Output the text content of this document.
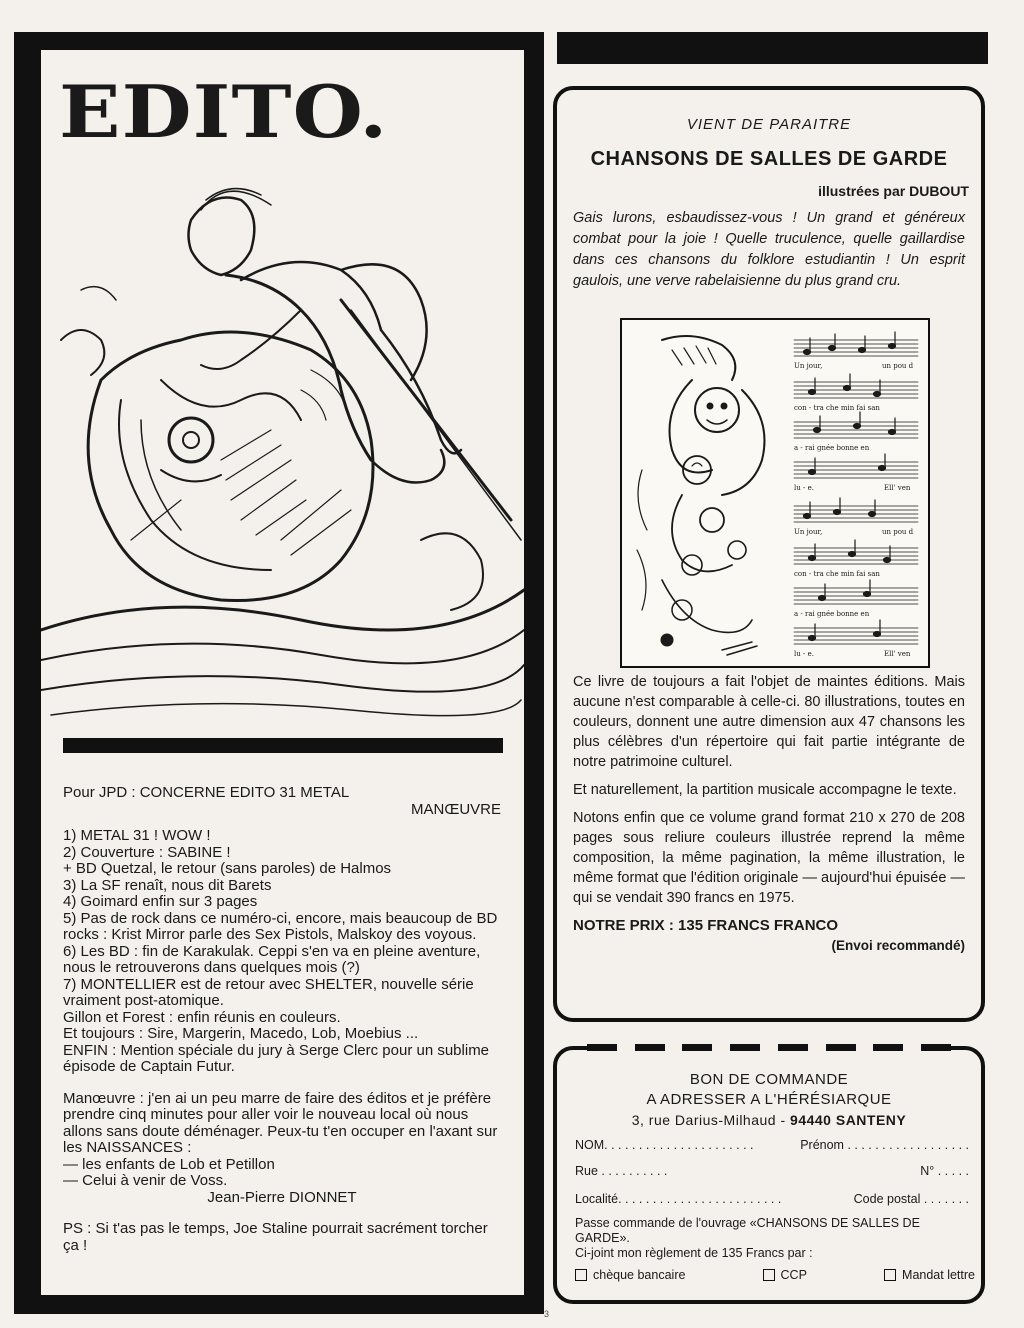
EDITO.

Pour JPD : CONCERNE EDITO 31 METAL

MANŒUVRE

1) METAL 31 ! WOW !

2) Couverture : SABINE !

+ BD Quetzal, le retour (sans paroles) de Halmos

3) La SF renaît, nous dit Barets

4) Goimard enfin sur 3 pages

5) Pas de rock dans ce numéro-ci, encore, mais beaucoup de BD rocks : Krist Mirror parle des Sex Pistols, Malskoy des voyous.

6) Les BD : fin de Karakulak. Ceppi s'en va en pleine aventure, nous le retrouverons dans quelques mois (?)

7) MONTELLIER est de retour avec SHELTER, nouvelle série vraiment post-atomique.

Gillon et Forest : enfin réunis en couleurs.

Et toujours : Sire, Margerin, Macedo, Lob, Moebius ...

ENFIN : Mention spéciale du jury à Serge Clerc pour un sublime épisode de Captain Futur.

Manœuvre : j'en ai un peu marre de faire des éditos et je préfère prendre cinq minutes pour aller voir le nouveau local où nous allons sans doute déménager. Peux-tu t'en occuper en l'axant sur les NAISSANCES :

— les enfants de Lob et Petillon

— Celui à venir de Voss.

Jean-Pierre DIONNET

PS : Si t'as pas le temps, Joe Staline pourrait sacrément torcher ça !

VIENT DE PARAITRE
CHANSONS DE SALLES DE GARDE
illustrées par DUBOUT

Gais lurons, esbaudissez-vous ! Un grand et généreux combat pour la joie ! Quelle truculence, quelle gaillardise dans ces chansons du folklore estudiantin ! Un esprit gaulois, une verve rabelaisienne du plus grand cru.

Un jour,	un pou d
con - tra che min fai san
a - rai gnée bonne en
lu - e.	Ell' ven
Un jour,	un pou d
con - tra che min fai san
a - rai gnée bonne en
lu - e.	Ell' ven

Ce livre de toujours a fait l'objet de maintes éditions. Mais aucune n'est comparable à celle-ci. 80 illustrations, toutes en couleurs, donnent une autre dimension aux 47 chansons les plus célèbres d'un répertoire qui fait partie intégrante de notre patrimoine culturel.

Et naturellement, la partition musicale accompagne le texte.

Notons enfin que ce volume grand format 210 x 270 de 208 pages sous reliure couleurs illustrée reprend la même composition, la même pagination, la même illustration, le même format que l'édition originale — aujourd'hui épuisée — qui se vendait 390 francs en 1975.

NOTRE PRIX : 135 FRANCS FRANCO

(Envoi recommandé)

BON DE COMMANDE
A ADRESSER A L'HÉRÉSIARQUE
3, rue Darius-Milhaud - 94440 SANTENY
NOM. . . . . . . . . . . . . . . . . . . . . .	Prénom . . . . . . . . . . . . . . . . . .
Rue . . . . . . . . . .	N° . . . . .
Localité. . . . . . . . . . . . . . . . . . . . . . . .	Code postal . . . . . . .

Passe commande de l'ouvrage «CHANSONS DE SALLES DE GARDE».

Ci-joint mon règlement de 135 Francs par :

chèque bancaire	CCP	Mandat lettre
3
